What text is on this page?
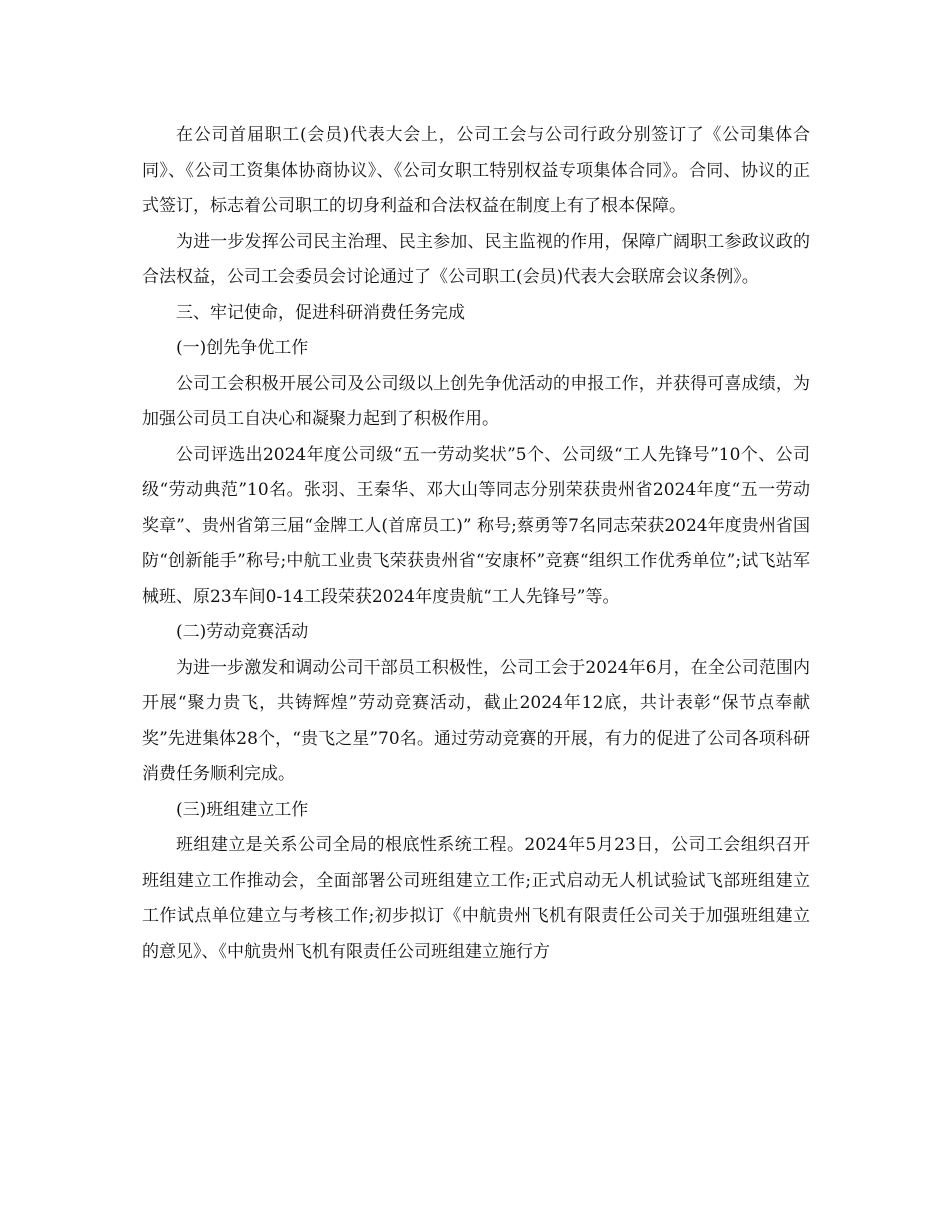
在公司首届职工(会员)代表大会上，公司工会与公司行政分别签订了《公司集体合同》、《公司工资集体协商协议》、《公司女职工特别权益专项集体合同》。合同、协议的正式签订，标志着公司职工的切身利益和合法权益在制度上有了根本保障。

为进一步发挥公司民主治理、民主参加、民主监视的作用，保障广阔职工参政议政的合法权益，公司工会委员会讨论通过了《公司职工(会员)代表大会联席会议条例》。

三、牢记使命，促进科研消费任务完成

(一)创先争优工作

公司工会积极开展公司及公司级以上创先争优活动的申报工作，并获得可喜成绩，为加强公司员工自决心和凝聚力起到了积极作用。

公司评选出2024年度公司级“五一劳动奖状”5个、公司级“工人先锋号”10个、公司级“劳动典范”10名。张羽、王秦华、邓大山等同志分别荣获贵州省2024年度“五一劳动奖章”、贵州省第三届“金牌工人(首席员工)” 称号;蔡勇等7名同志荣获2024年度贵州省国防“创新能手”称号;中航工业贵飞荣获贵州省“安康杯”竞赛“组织工作优秀单位”;试飞站军械班、原23车间0-14工段荣获2024年度贵航“工人先锋号”等。

(二)劳动竞赛活动

为进一步激发和调动公司干部员工积极性，公司工会于2024年6月，在全公司范围内开展“聚力贵飞，共铸辉煌”劳动竞赛活动，截止2024年12底，共计表彰“保节点奉献奖”先进集体28个，“贵飞之星”70名。通过劳动竞赛的开展，有力的促进了公司各项科研消费任务顺利完成。

(三)班组建立工作

班组建立是关系公司全局的根底性系统工程。2024年5月23日，公司工会组织召开班组建立工作推动会，全面部署公司班组建立工作;正式启动无人机试验试飞部班组建立工作试点单位建立与考核工作;初步拟订《中航贵州飞机有限责任公司关于加强班组建立的意见》、《中航贵州飞机有限责任公司班组建立施行方
